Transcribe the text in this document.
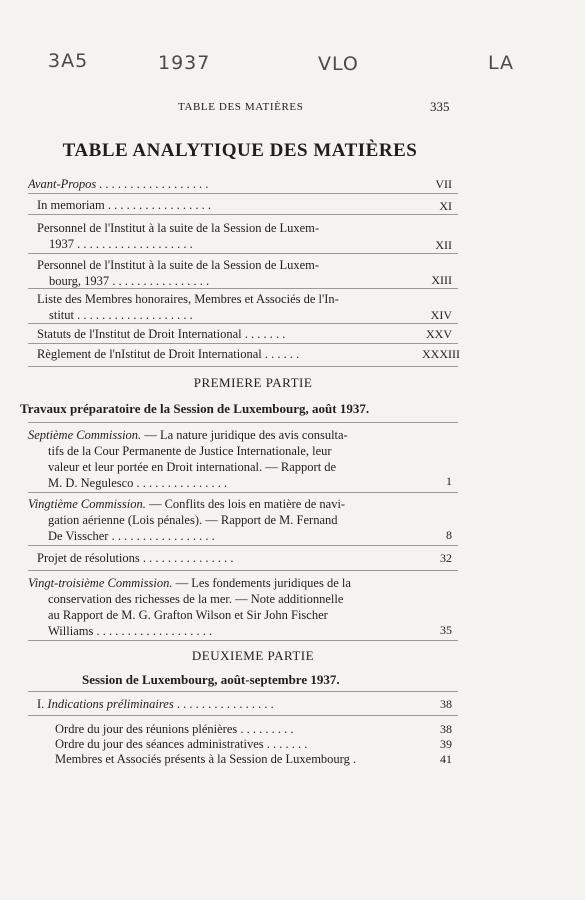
3A5	1937	VLO	LA
TABLE DES MATIÈRES	335
TABLE ANALYTIQUE DES MATIÈRES
Avant-Propos . . . . . . . . . . . . . . . . . .	VII
In memoriam . . . . . . . . . . . . . . . . .	XI
Personnel de l'Institut à la suite de la Session de Luxem-
1937 . . . . . . . . . . . . . . . . . . .	XII
Personnel de l'Institut à la suite de la Session de Luxem-
bourg, 1937 . . . . . . . . . . . . . . . .	XIII
Liste des Membres honoraires, Membres et Associés de l'In-
stitut . . . . . . . . . . . . . . . . . . .	XIV
Statuts de l'Institut de Droit International . . . . . . .	XXV
Règlement de l'nIstitut de Droit International . . . . . .	XXXIII
PREMIERE PARTIE
Travaux préparatoire de la Session de Luxembourg, août 1937.
Septième Commission. — La nature juridique des avis consulta-
tifs de la Cour Permanente de Justice Internationale, leur
valeur et leur portée en Droit international. — Rapport de
M. D. Negulesco . . . . . . . . . . . . . . .	1
Vingtième Commission. — Conflits des lois en matière de navi-
gation aérienne (Lois pénales). — Rapport de M. Fernand
De Visscher . . . . . . . . . . . . . . . . .	8
Projet de résolutions . . . . . . . . . . . . . . .	32
Vingt-troisième Commission. — Les fondements juridiques de la
conservation des richesses de la mer. — Note additionnelle
au Rapport de M. G. Grafton Wilson et Sir John Fischer
Williams . . . . . . . . . . . . . . . . . . .	35
DEUXIEME PARTIE
Session de Luxembourg, août-septembre 1937.
I. Indications préliminaires . . . . . . . . . . . . . . . .	38
Ordre du jour des réunions plénières . . . . . . . . .	38
Ordre du jour des séances administratives . . . . . . .	39
Membres et Associés présents à la Session de Luxembourg .	41
